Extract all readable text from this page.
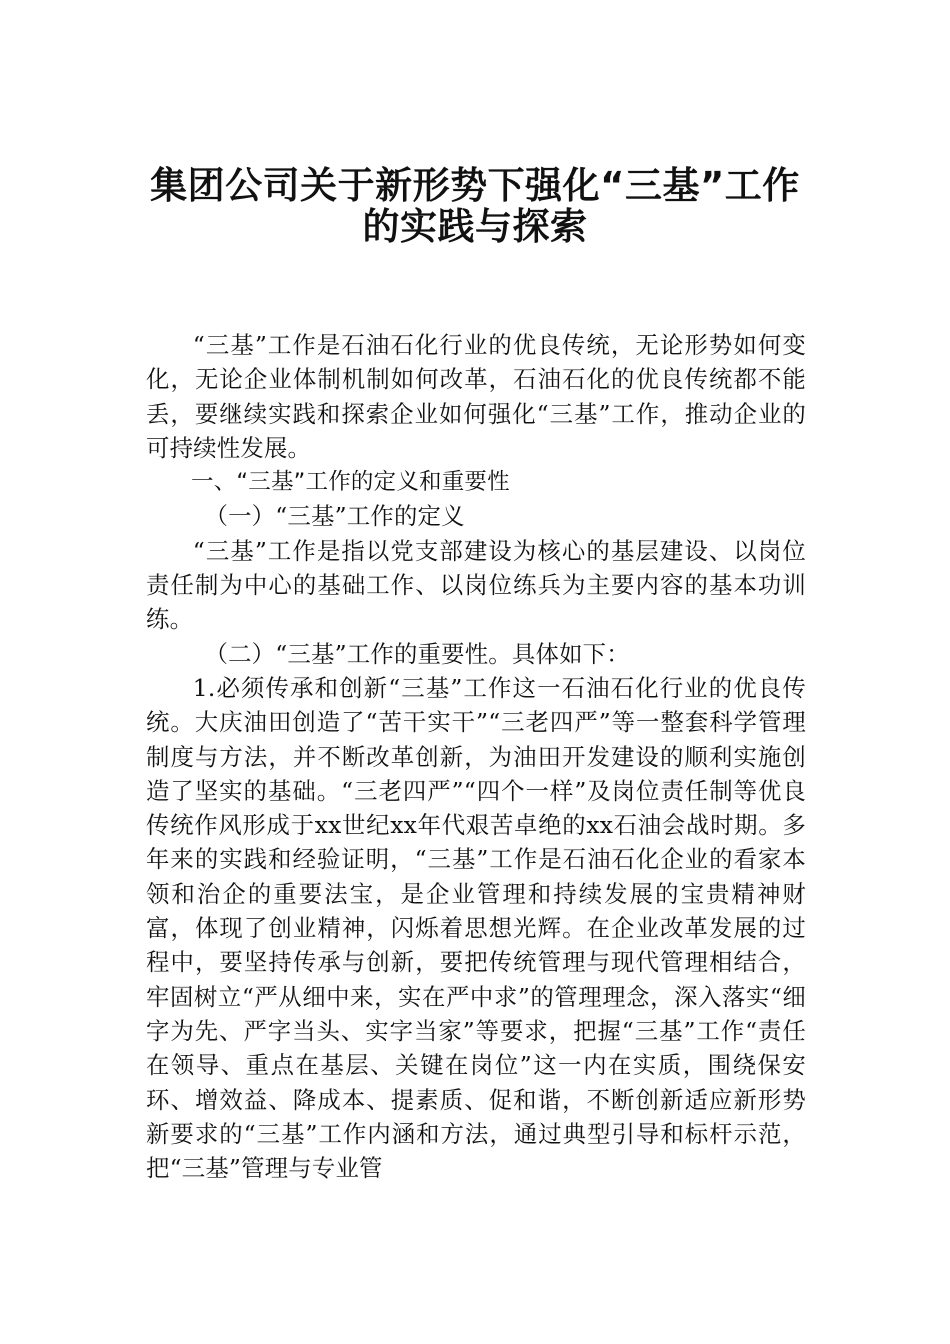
集团公司关于新形势下强化“三基”工作
的实践与探索

“三基”工作是石油石化行业的优良传统，无论形势如何变化，无论企业体制机制如何改革，石油石化的优良传统都不能丢，要继续实践和探索企业如何强化“三基”工作，推动企业的可持续性发展。

一、“三基”工作的定义和重要性

（一）“三基”工作的定义

“三基”工作是指以党支部建设为核心的基层建设、以岗位责任制为中心的基础工作、以岗位练兵为主要内容的基本功训练。

（二）“三基”工作的重要性。具体如下：

1.必须传承和创新“三基”工作这一石油石化行业的优良传统。大庆油田创造了“苦干实干”“三老四严”等一整套科学管理制度与方法，并不断改革创新，为油田开发建设的顺利实施创造了坚实的基础。“三老四严”“四个一样”及岗位责任制等优良传统作风形成于xx世纪xx年代艰苦卓绝的xx石油会战时期。多年来的实践和经验证明，“三基”工作是石油石化企业的看家本领和治企的重要法宝，是企业管理和持续发展的宝贵精神财富，体现了创业精神，闪烁着思想光辉。在企业改革发展的过程中，要坚持传承与创新，要把传统管理与现代管理相结合，牢固树立“严从细中来，实在严中求”的管理理念，深入落实“细字为先、严字当头、实字当家”等要求，把握“三基”工作“责任在领导、重点在基层、关键在岗位”这一内在实质，围绕保安环、增效益、降成本、提素质、促和谐，不断创新适应新形势新要求的“三基”工作内涵和方法，通过典型引导和标杆示范，把“三基”管理与专业管
